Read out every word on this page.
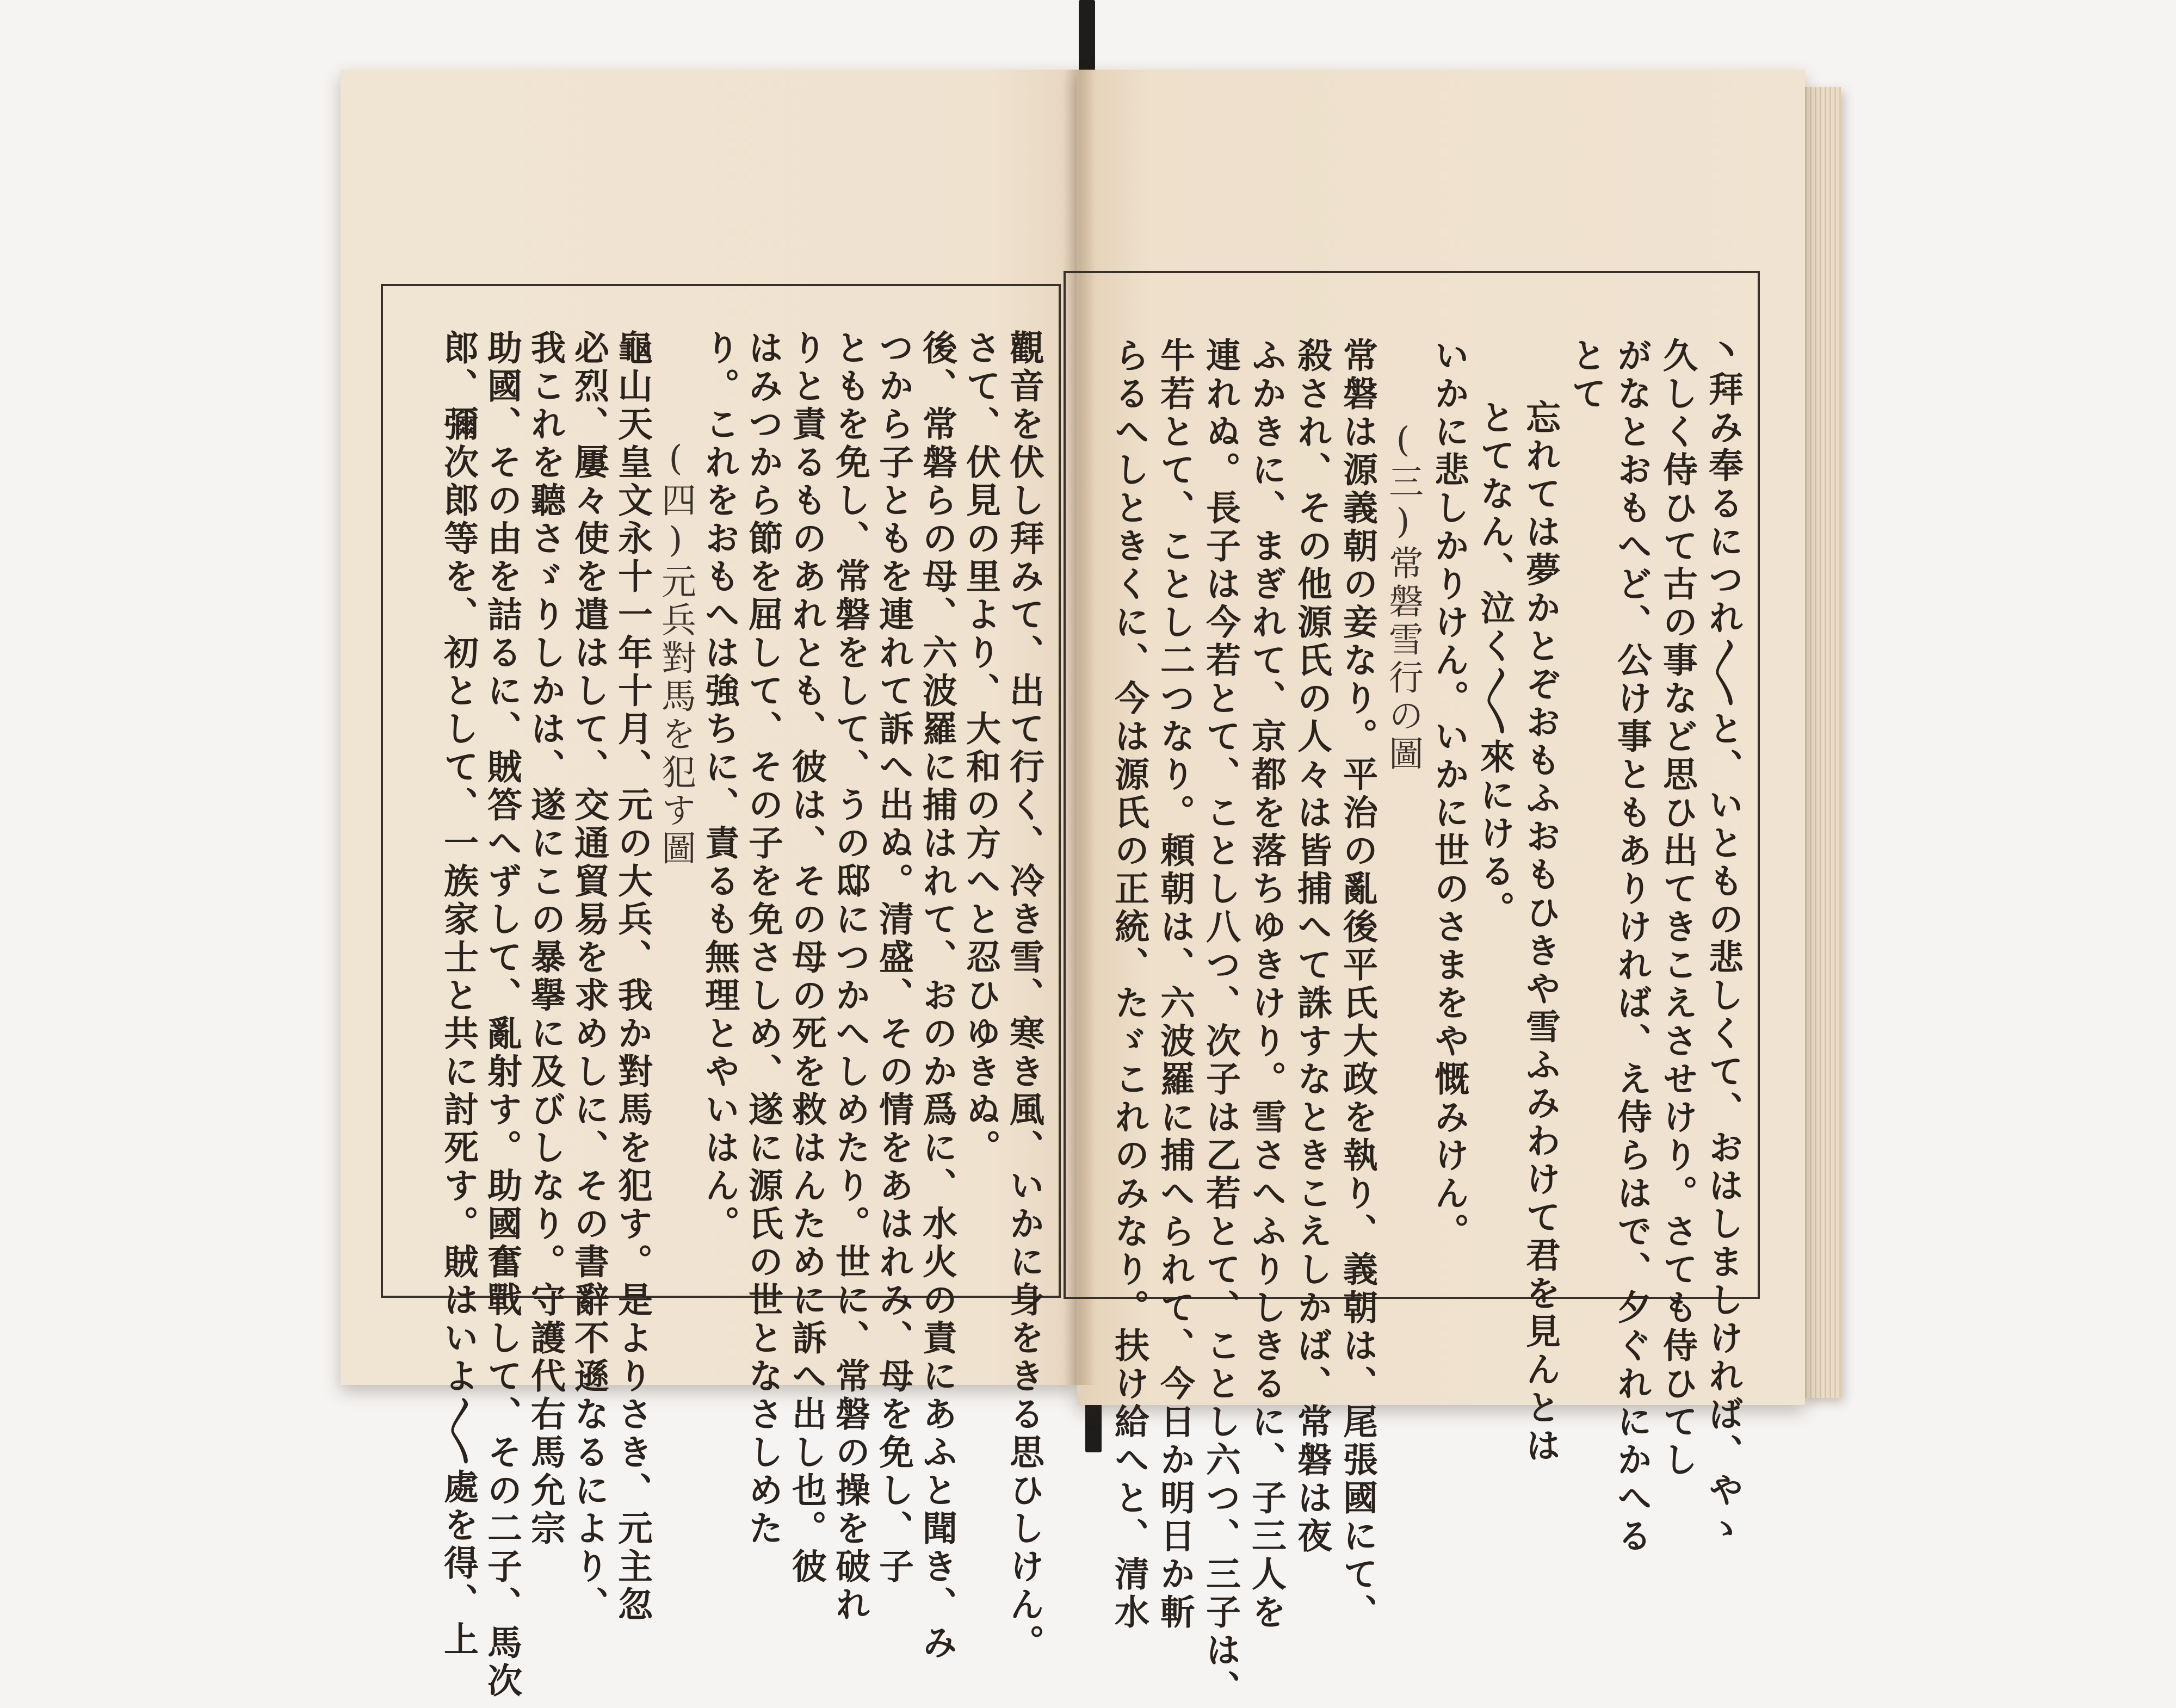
丶拜み奉るにつれ〳〵と、いともの悲しくて、おはしましければ、やゝ
久しく侍ひて古の事など思ひ出てきこえさせけり。さても侍ひてし
がなとおもへど、公け事ともありければ、え侍らはで、夕ぐれにかへる
とて
忘れては夢かとぞおもふおもひきや雪ふみわけて君を見んとは
とてなん、泣く〳〵來にける。
いかに悲しかりけん。いかに世のさまをや慨みけん。
(三)常磐雪行の圖
常磐は源義朝の妾なり。平治の亂後平氏大政を執り、義朝は、尾張國にて、
殺され、その他源氏の人々は皆捕へて誅すなときこえしかば、常磐は夜
ふかきに、まぎれて、京都を落ちゆきけり。雪さへふりしきるに、子三人を
連れぬ。長子は今若とて、ことし八つ、次子は乙若とて、ことし六つ、三子は、
牛若とて、ことし二つなり。頼朝は、六波羅に捕へられて、今日か明日か斬
らるへしときくに、今は源氏の正統、たゞこれのみなり。扶け給へと、清水
觀音を伏し拜みて、出て行く、冷き雪、寒き風、いかに身をきる思ひしけん。
さて、伏見の里より、大和の方へと忍ひゆきぬ。
後、常磐らの母、六波羅に捕はれて、おのか爲に、水火の責にあふと聞き、み
つから子ともを連れて訴へ出ぬ。清盛、その情をあはれみ、母を免し、子
ともを免し、常磐をして、うの邸につかへしめたり。世に、常磐の操を破れ
りと責るものあれとも、彼は、その母の死を救はんために訴へ出し也。彼
はみつから節を屈して、その子を免さしめ、遂に源氏の世となさしめた
り。これをおもへは強ちに、責るも無理とやいはん。
(四)元兵對馬を犯す圖
龜山天皇文永十一年十月、元の大兵、我か對馬を犯す。是よりさき、元主忽
必烈、屢々使を遣はして、交通貿易を求めしに、その書辭不遜なるにより、
我これを聽さゞりしかは、遂にこの暴擧に及びしなり。守護代右馬允宗
助國、その由を詰るに、賊答へずして、亂射す。助國奮戰して、その二子、馬次
郎、彌次郎等を、初として、一族家士と共に討死す。賊はいよ〳〵處を得、上
